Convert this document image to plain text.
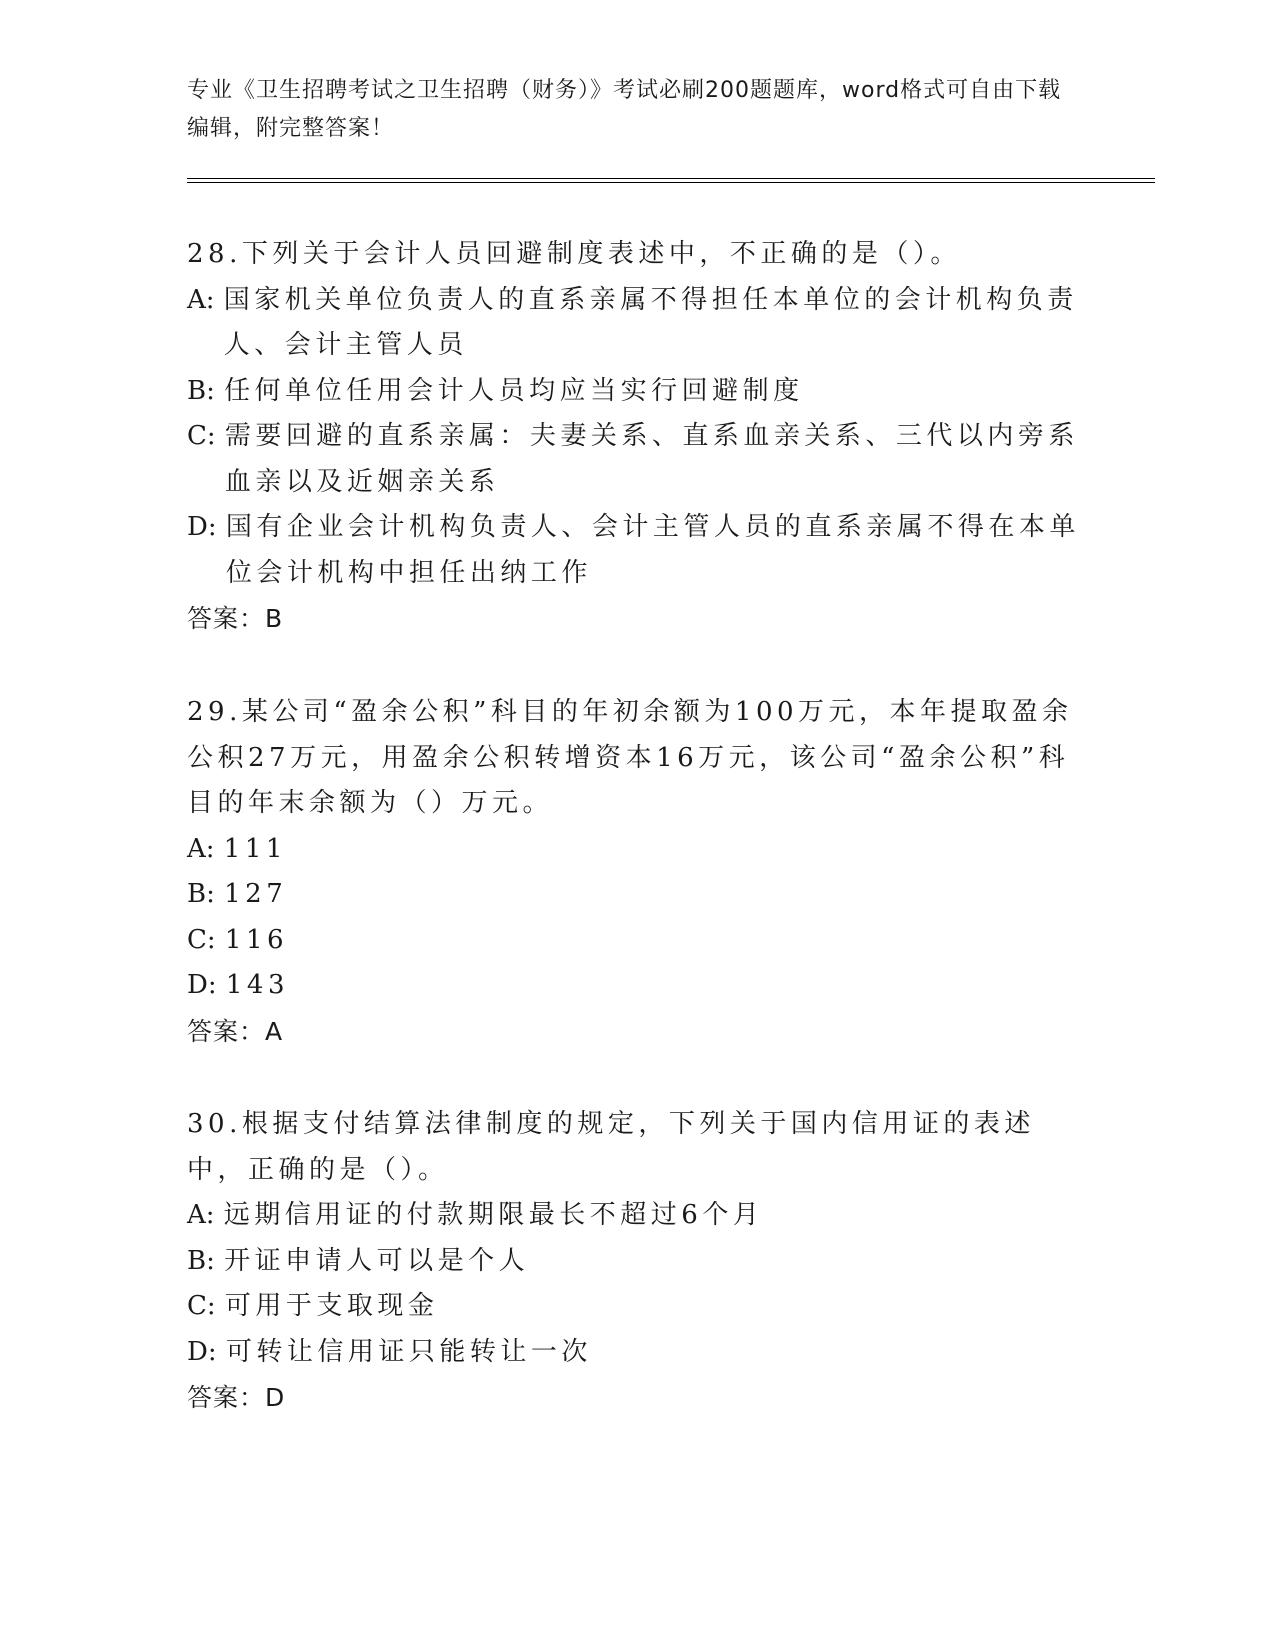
专业《卫生招聘考试之卫生招聘（财务）》考试必刷200题题库，word格式可自由下载编辑，附完整答案！

28.下列关于会计人员回避制度表述中，不正确的是（）。

A : 国家机关单位负责人的直系亲属不得担任本单位的会计机构负责人、会计主管人员
B : 任何单位任用会计人员均应当实行回避制度
C : 需要回避的直系亲属：夫妻关系、直系血亲关系、三代以内旁系血亲以及近姻亲关系
D : 国有企业会计机构负责人、会计主管人员的直系亲属不得在本单位会计机构中担任出纳工作

答案：B

29.某公司“盈余公积”科目的年初余额为100万元，本年提取盈余公积27万元，用盈余公积转增资本16万元，该公司“盈余公积”科目的年末余额为（）万元。

A : 111
B : 127
C : 116
D : 143

答案：A

30.根据支付结算法律制度的规定，下列关于国内信用证的表述中，正确的是（）。

A : 远期信用证的付款期限最长不超过6个月
B : 开证申请人可以是个人
C : 可用于支取现金
D : 可转让信用证只能转让一次

答案：D
